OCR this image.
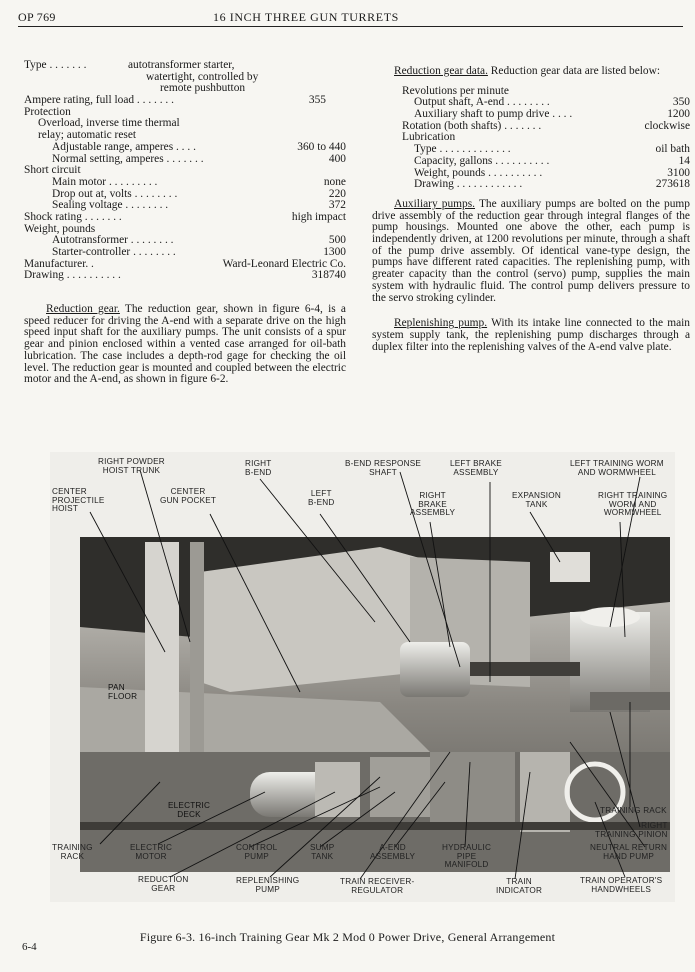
OP 769	16 INCH THREE GUN TURRETS
Type . . . . . . .	autotransformer starter,
watertight, controlled by
remote pushbutton
Ampere rating, full load . . . . . . .	355
Protection
Overload, inverse time thermal
relay; automatic reset
Adjustable range, amperes . . . .	360 to 440
Normal setting, amperes . . . . . . .	400
Short circuit
Main motor . . . . . . . . .	none
Drop out at, volts . . . . . . . .	220
Sealing voltage . . . . . . . .	372
Shock rating . . . . . . .	high impact
Weight, pounds
Autotransformer . . . . . . . .	500
Starter-controller . . . . . . . .	1300
Manufacturer. .	Ward-Leonard Electric Co.
Drawing . . . . . . . . . .	318740

Reduction gear. The reduction gear, shown in figure 6-4, is a speed reducer for driving the A-end with a separate drive on the high speed input shaft for the auxiliary pumps. The unit consists of a spur gear and pinion enclosed within a vented case arranged for oil-bath lubrication. The case includes a depth-rod gage for checking the oil level. The reduction gear is mounted and coupled between the electric motor and the A-end, as shown in figure 6-2.

Reduction gear data. Reduction gear data are listed below:

Revolutions per minute
Output shaft, A-end . . . . . . . .	350
Auxiliary shaft to pump drive . . . .	1200
Rotation (both shafts) . . . . . . .	clockwise
Lubrication
Type . . . . . . . . . . . . .	oil bath
Capacity, gallons . . . . . . . . . .	14
Weight, pounds . . . . . . . . . .	3100
Drawing . . . . . . . . . . . .	273618

Auxiliary pumps. The auxiliary pumps are bolted on the pump drive assembly of the reduction gear through integral flanges of the pump housings. Mounted one above the other, each pump is independently driven, at 1200 revolutions per minute, through a shaft of the pump drive assembly. Of identical vane-type design, the pumps have different rated capacities. The replenishing pump, with greater capacity than the control (servo) pump, supplies the main system with hydraulic fluid. The control pump delivers pressure to the servo stroking cylinder.

Replenishing pump. With its intake line connected to the main system supply tank, the replenishing pump discharges through a duplex filter into the replenishing valves of the A-end valve plate.

RIGHT POWDER
HOIST TRUNK
RIGHT
B-END
B-END RESPONSE
SHAFT
LEFT BRAKE
ASSEMBLY
LEFT TRAINING WORM
AND WORMWHEEL
CENTER
PROJECTILE
HOIST
CENTER
GUN POCKET
LEFT
B-END
RIGHT
BRAKE
ASSEMBLY
EXPANSION
TANK
RIGHT TRAINING
WORM AND
WORMWHEEL
PAN
FLOOR
ELECTRIC
DECK	TRAINING RACK
RIGHT
TRAINING PINION
TRAINING
RACK
ELECTRIC
MOTOR
CONTROL
PUMP
SUMP
TANK
A-END
ASSEMBLY
HYDRAULIC
PIPE
MANIFOLD
NEUTRAL RETURN
HAND PUMP
REDUCTION
GEAR
REPLENISHING
PUMP
TRAIN RECEIVER-
REGULATOR
TRAIN
INDICATOR
TRAIN OPERATOR'S
HANDWHEELS
Figure 6-3. 16-inch Training Gear Mk 2 Mod 0 Power Drive, General Arrangement
6-4
